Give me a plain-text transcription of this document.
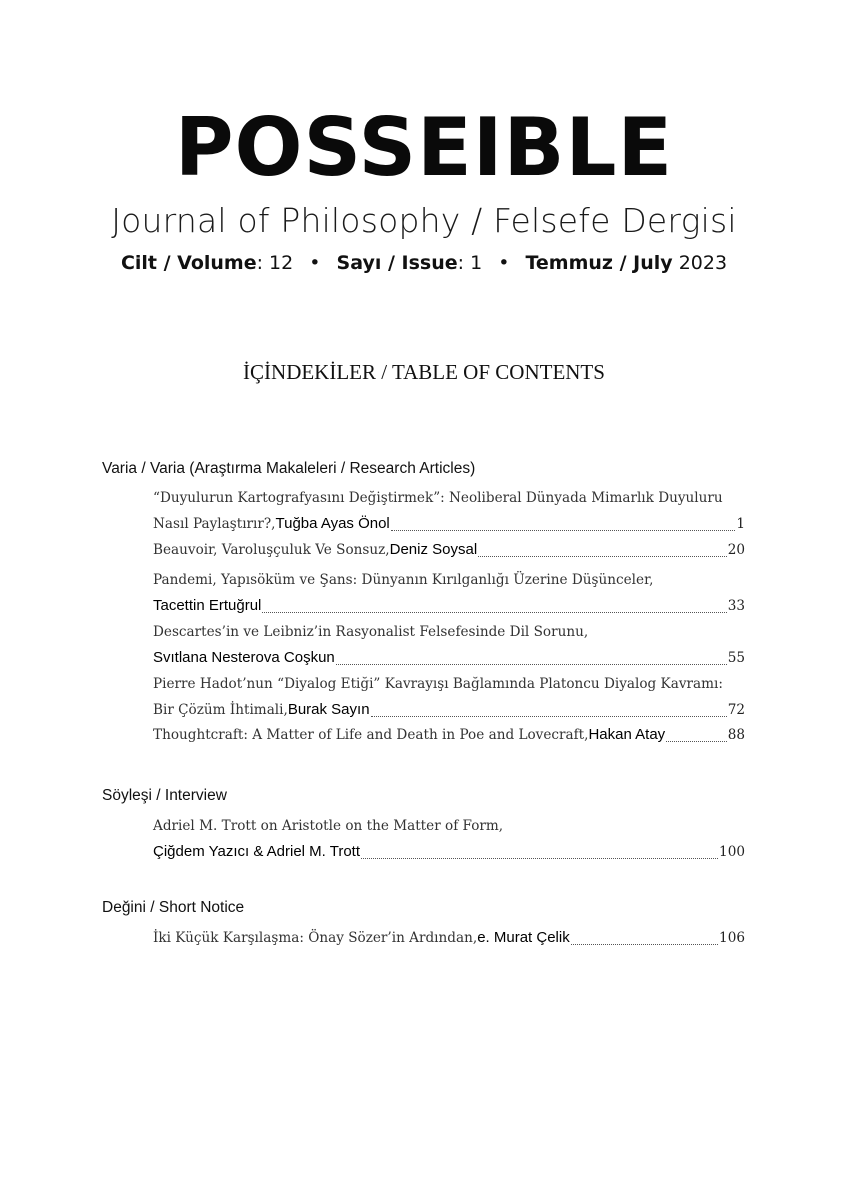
POSSEIBLE
Journal of Philosophy / Felsefe Dergisi
Cilt / Volume: 12 • Sayı / Issue: 1 • Temmuz / July 2023
İÇİNDEKİLER / TABLE OF CONTENTS
Varia / Varia (Araştırma Makaleleri / Research Articles)
“Duyulurun Kartografyasını Değiştirmek”: Neoliberal Dünyada Mimarlık Duyuluru
Nasıl Paylaştırır?, Tuğba Ayas Önol	1
Beauvoir, Varoluşçuluk Ve Sonsuz, Deniz Soysal	20
Pandemi, Yapısöküm ve Şans: Dünyanın Kırılganlığı Üzerine Düşünceler,
Tacettin Ertuğrul	33
Descartes’in ve Leibniz’in Rasyonalist Felsefesinde Dil Sorunu,
Svıtlana Nesterova Coşkun	55
Pierre Hadot’nun “Diyalog Etiği” Kavrayışı Bağlamında Platoncu Diyalog Kavramı:
Bir Çözüm İhtimali, Burak Sayın	72
Thoughtcraft: A Matter of Life and Death in Poe and Lovecraft, Hakan Atay	88
Söyleşi / Interview
Adriel M. Trott on Aristotle on the Matter of Form,
Çiğdem Yazıcı & Adriel M. Trott	100
Değini / Short Notice
İki Küçük Karşılaşma: Önay Sözer’in Ardından, e. Murat Çelik	106
